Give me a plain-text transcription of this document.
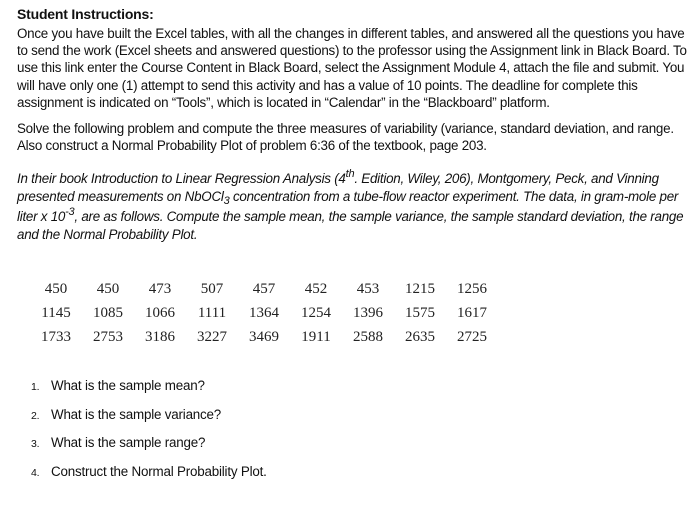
Student Instructions:

Once you have built the Excel tables, with all the changes in different tables, and answered all the questions you have to send the work (Excel sheets and answered questions) to the professor using the Assignment link in Black Board. To use this link enter the Course Content in Black Board, select the Assignment Module 4, attach the file and submit. You will have only one (1) attempt to send this activity and has a value of 10 points. The deadline for complete this assignment is indicated on “Tools”, which is located in “Calendar” in the “Blackboard” platform.

Solve the following problem and compute the three measures of variability (variance, standard deviation, and range. Also construct a Normal Probability Plot of problem 6:36 of the textbook, page 203.

In their book Introduction to Linear Regression Analysis (4th. Edition, Wiley, 206), Montgomery, Peck, and Vinning presented measurements on NbOCl$_3$ concentration from a tube-flow reactor experiment. The data, in gram-mole per

liter x $10^{-3}$, are as follows. Compute the sample mean, the sample variance, the sample standard deviation, the range and the Normal Probability Plot.

450	450	473	507	457	452	453	1215	1256
1145	1085	1066	1111	1364	1254	1396	1575	1617
1733	2753	3186	3227	3469	1911	2588	2635	2725
1. What is the sample mean?
2. What is the sample variance?
3. What is the sample range?
4. Construct the Normal Probability Plot.
